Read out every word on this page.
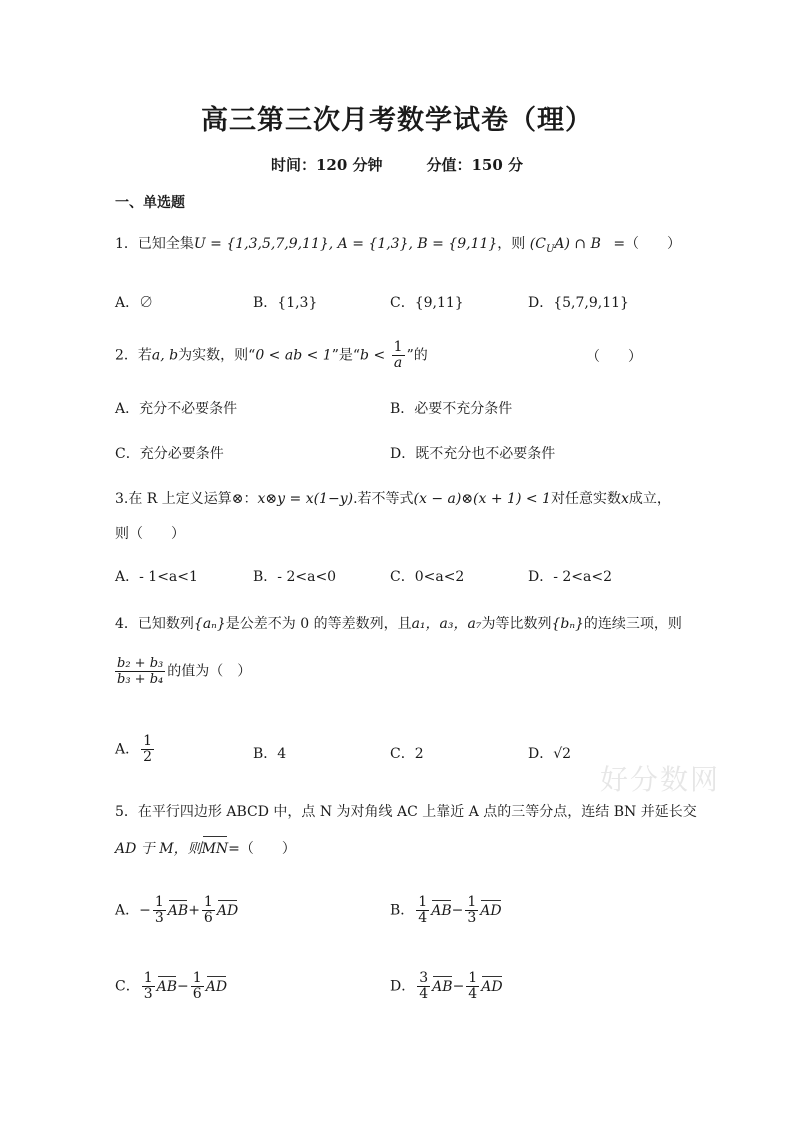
高三第三次月考数学试卷（理）
时间：120 分钟	分值：150 分
一、单选题
1．已知全集U = {1,3,5,7,9,11}, A = {1,3}, B = {9,11}，则 $(C_UA)$ ∩ B =（　　）
A．∅	B．{1,3}	C．{9,11}	D．{5,7,9,11}
2．若a, b为实数，则“0 < ab < 1”是“$b < \frac{1}{a}$ ”的	（　　）
A．充分不必要条件	B．必要不充分条件
C．充分必要条件	D．既不充分也不必要条件
3.在 R 上定义运算⊗：x⊗y = x(1−y).若不等式(x − a)⊗(x + 1) < 1对任意实数x成立，
则（　　）
A．- 1<a<1	B．- 2<a<0	C．0<a<2	D．- 2<a<2
4．已知数列{aₙ}是公差不为 0 的等差数列，且a₁，a₃，a₇为等比数列{bₙ}的连续三项，则
$\frac{\text{b₂ + b₃}}{\text{b₃ + b₄}}$ 的值为（　）
A． $\frac{1}{2}$	B．4	C．2	D．√2
好分数网
5．在平行四边形 ABCD 中，点 N 为对角线 AC 上靠近 A 点的三等分点，连结 BN 并延长交
AD 于 M，则MN=（　　）
A．− $\frac{1}{3} AB+ \frac{1}{6}$ AD	B． $\frac{1}{4} AB- \frac{1}{3}$ AD
C． $\frac{1}{3} AB- \frac{1}{6}$ AD	D． $\frac{3}{4} AB- \frac{1}{4}$ AD
